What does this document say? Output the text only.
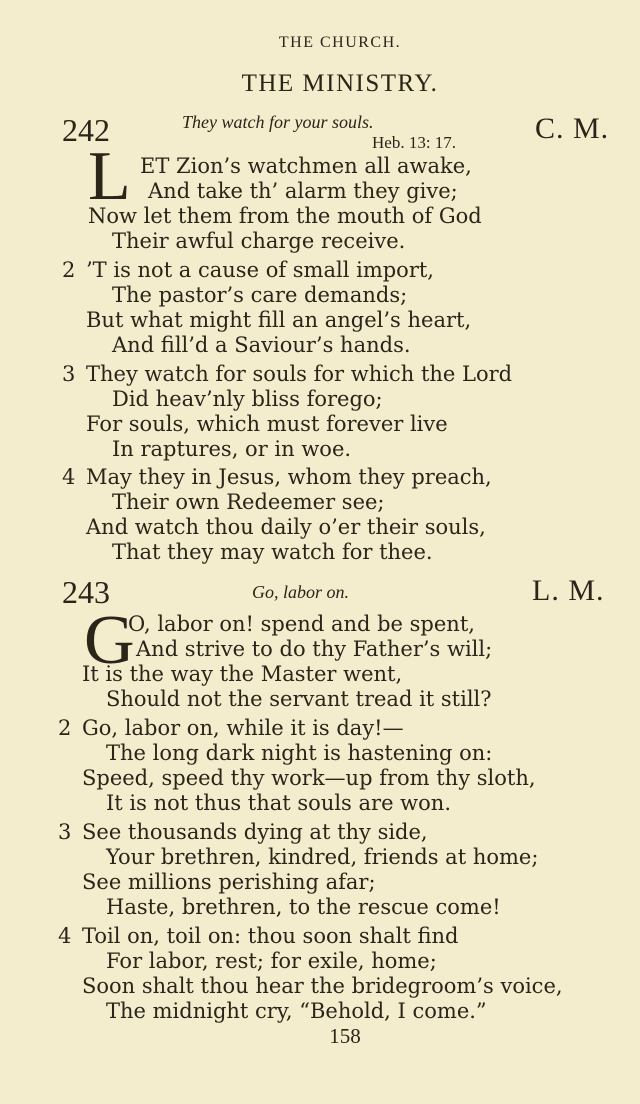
THE CHURCH.
THE MINISTRY.
242	They watch for your souls.
Heb. 13: 17.	C. M.
L ET Zion’s watchmen all awake,
And take th’ alarm they give;
Now let them from the mouth of God
Their awful charge receive.
2 ’T is not a cause of small import,
The pastor’s care demands;
But what might fill an angel’s heart,
And fill’d a Saviour’s hands.
3 They watch for souls for which the Lord
Did heav’nly bliss forego;
For souls, which must forever live
In raptures, or in woe.
4 May they in Jesus, whom they preach,
Their own Redeemer see;
And watch thou daily o’er their souls,
That they may watch for thee.
243	Go, labor on.	L. M.
G
O, labor on! spend and be spent,
And strive to do thy Father’s will;
It is the way the Master went,
Should not the servant tread it still?
2 Go, labor on, while it is day!—
The long dark night is hastening on:
Speed, speed thy work—up from thy sloth,
It is not thus that souls are won.
3 See thousands dying at thy side,
Your brethren, kindred, friends at home;
See millions perishing afar;
Haste, brethren, to the rescue come!
4 Toil on, toil on: thou soon shalt find
For labor, rest; for exile, home;
Soon shalt thou hear the bridegroom’s voice,
The midnight cry, “Behold, I come.”
158
